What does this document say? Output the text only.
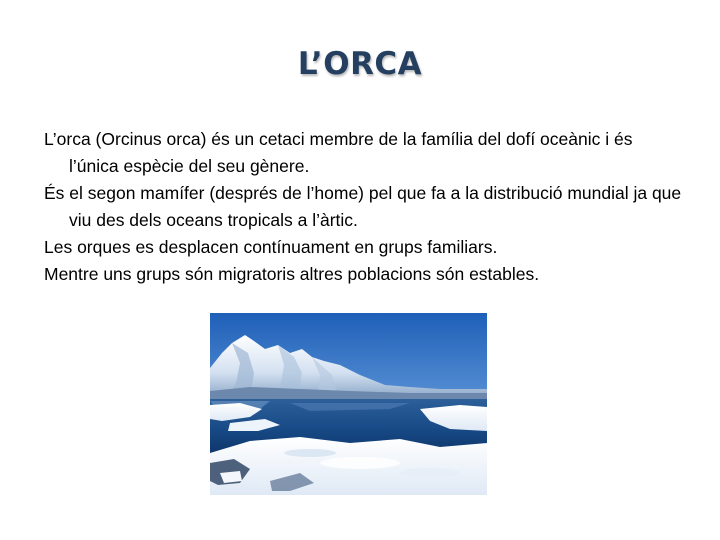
L’ORCA
L’orca (Orcinus orca) és un cetaci membre de la família del dofí oceànic i és l’única espècie del seu gènere.
És el segon mamífer (després de l’home) pel que fa a la distribució mundial ja que viu des dels oceans tropicals a l’àrtic.
Les orques es desplacen contínuament en grups familiars.
Mentre uns grups són migratoris altres poblacions són estables.
